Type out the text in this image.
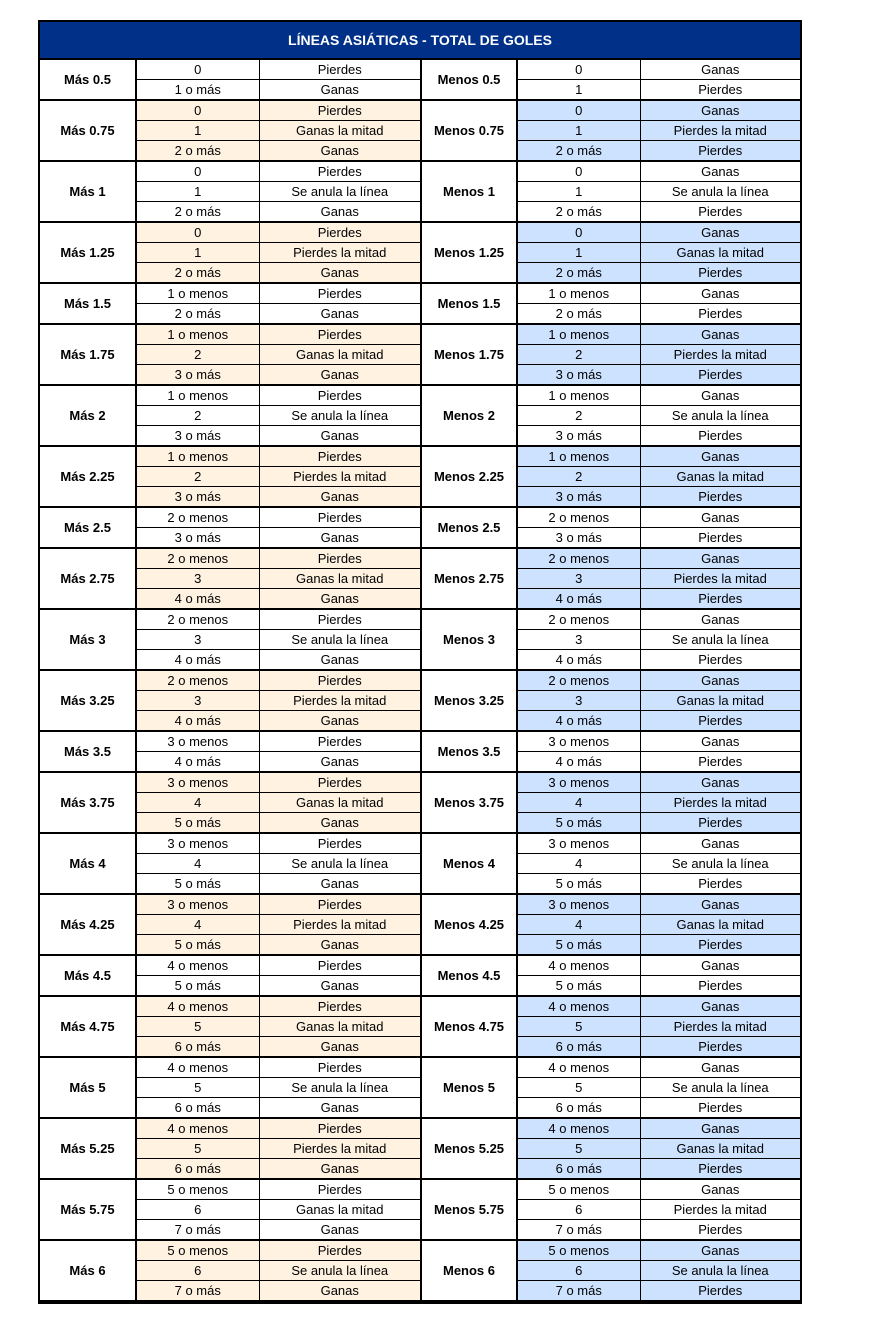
LÍNEAS ASIÁTICAS - TOTAL DE GOLES
Más 0.5	0	Pierdes	Menos 0.5	0	Ganas
	1 o más	Ganas		1	Pierdes
Más 0.75	0	Pierdes	Menos 0.75	0	Ganas
	1	Ganas la mitad		1	Pierdes la mitad
	2 o más	Ganas		2 o más	Pierdes
Más 1	0	Pierdes	Menos 1	0	Ganas
	1	Se anula la línea		1	Se anula la línea
	2 o más	Ganas		2 o más	Pierdes
Más 1.25	0	Pierdes	Menos 1.25	0	Ganas
	1	Pierdes la mitad		1	Ganas la mitad
	2 o más	Ganas		2 o más	Pierdes
Más 1.5	1 o menos	Pierdes	Menos 1.5	1 o menos	Ganas
	2 o más	Ganas		2 o más	Pierdes
Más 1.75	1 o menos	Pierdes	Menos 1.75	1 o menos	Ganas
	2	Ganas la mitad		2	Pierdes la mitad
	3 o más	Ganas		3 o más	Pierdes
Más 2	1 o menos	Pierdes	Menos 2	1 o menos	Ganas
	2	Se anula la línea		2	Se anula la línea
	3 o más	Ganas		3 o más	Pierdes
Más 2.25	1 o menos	Pierdes	Menos 2.25	1 o menos	Ganas
	2	Pierdes la mitad		2	Ganas la mitad
	3 o más	Ganas		3 o más	Pierdes
Más 2.5	2 o menos	Pierdes	Menos 2.5	2 o menos	Ganas
	3 o más	Ganas		3 o más	Pierdes
Más 2.75	2 o menos	Pierdes	Menos 2.75	2 o menos	Ganas
	3	Ganas la mitad		3	Pierdes la mitad
	4 o más	Ganas		4 o más	Pierdes
Más 3	2 o menos	Pierdes	Menos 3	2 o menos	Ganas
	3	Se anula la línea		3	Se anula la línea
	4 o más	Ganas		4 o más	Pierdes
Más 3.25	2 o menos	Pierdes	Menos 3.25	2 o menos	Ganas
	3	Pierdes la mitad		3	Ganas la mitad
	4 o más	Ganas		4 o más	Pierdes
Más 3.5	3 o menos	Pierdes	Menos 3.5	3 o menos	Ganas
	4 o más	Ganas		4 o más	Pierdes
Más 3.75	3 o menos	Pierdes	Menos 3.75	3 o menos	Ganas
	4	Ganas la mitad		4	Pierdes la mitad
	5 o más	Ganas		5 o más	Pierdes
Más 4	3 o menos	Pierdes	Menos 4	3 o menos	Ganas
	4	Se anula la línea		4	Se anula la línea
	5 o más	Ganas		5 o más	Pierdes
Más 4.25	3 o menos	Pierdes	Menos 4.25	3 o menos	Ganas
	4	Pierdes la mitad		4	Ganas la mitad
	5 o más	Ganas		5 o más	Pierdes
Más 4.5	4 o menos	Pierdes	Menos 4.5	4 o menos	Ganas
	5 o más	Ganas		5 o más	Pierdes
Más 4.75	4 o menos	Pierdes	Menos 4.75	4 o menos	Ganas
	5	Ganas la mitad		5	Pierdes la mitad
	6 o más	Ganas		6 o más	Pierdes
Más 5	4 o menos	Pierdes	Menos 5	4 o menos	Ganas
	5	Se anula la línea		5	Se anula la línea
	6 o más	Ganas		6 o más	Pierdes
Más 5.25	4 o menos	Pierdes	Menos 5.25	4 o menos	Ganas
	5	Pierdes la mitad		5	Ganas la mitad
	6 o más	Ganas		6 o más	Pierdes
Más 5.75	5 o menos	Pierdes	Menos 5.75	5 o menos	Ganas
	6	Ganas la mitad		6	Pierdes la mitad
	7 o más	Ganas		7 o más	Pierdes
Más 6	5 o menos	Pierdes	Menos 6	5 o menos	Ganas
	6	Se anula la línea		6	Se anula la línea
	7 o más	Ganas		7 o más	Pierdes
